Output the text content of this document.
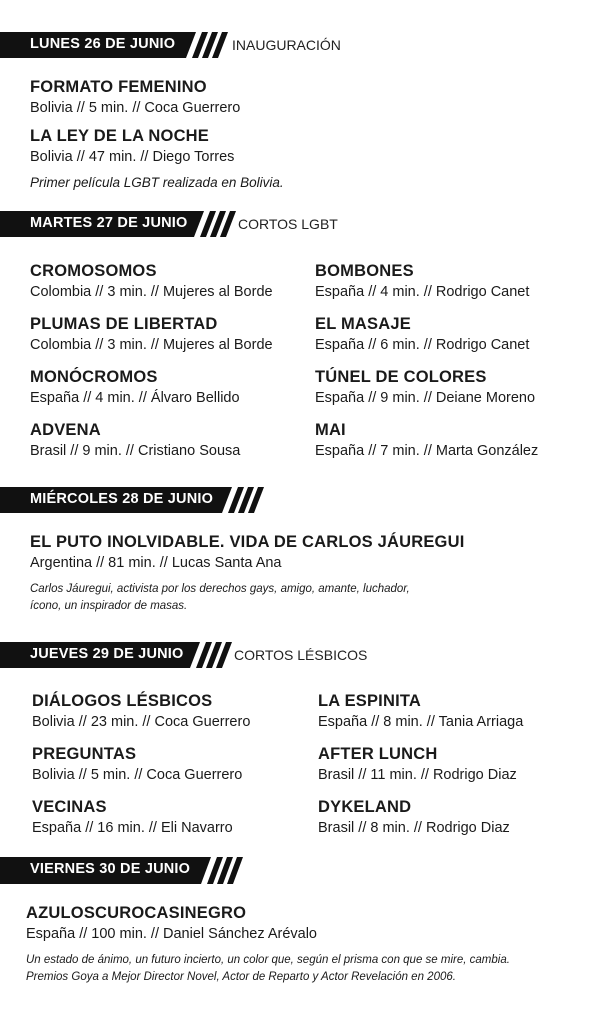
LUNES 26 DE JUNIO	INAUGURACIÓN
FORMATO FEMENINO
Bolivia // 5 min. // Coca Guerrero
LA LEY DE LA NOCHE
Bolivia // 47 min. // Diego Torres
Primer película LGBT realizada en Bolivia.
MARTES 27 DE JUNIO	CORTOS LGBT
CROMOSOMOS
Colombia // 3 min. // Mujeres al Borde
BOMBONES
España // 4 min. // Rodrigo Canet
PLUMAS DE LIBERTAD
Colombia // 3 min. // Mujeres al Borde
EL MASAJE
España // 6 min. // Rodrigo Canet
MONÓCROMOS
España // 4 min. // Álvaro Bellido
TÚNEL DE COLORES
España // 9 min. // Deiane Moreno
ADVENA
Brasil // 9 min. // Cristiano Sousa
MAI
España // 7 min. // Marta González
MIÉRCOLES 28 DE JUNIO
EL PUTO INOLVIDABLE. VIDA DE CARLOS JÁUREGUI
Argentina // 81 min. // Lucas Santa Ana
Carlos Jáuregui, activista por los derechos gays, amigo, amante, luchador,
ícono, un inspirador de masas.
JUEVES 29 DE JUNIO	CORTOS LÉSBICOS
DIÁLOGOS LÉSBICOS
Bolivia // 23 min. // Coca Guerrero
LA ESPINITA
España // 8 min. // Tania Arriaga
PREGUNTAS
Bolivia // 5 min. // Coca Guerrero
AFTER LUNCH
Brasil // 11 min. // Rodrigo Diaz
VECINAS
España // 16 min. // Eli Navarro
DYKELAND
Brasil // 8 min. // Rodrigo Diaz
VIERNES 30 DE JUNIO
AZULOSCUROCASINEGRO
España // 100 min. // Daniel Sánchez Arévalo
Un estado de ánimo, un futuro incierto, un color que, según el prisma con que se mire, cambia.
Premios Goya a Mejor Director Novel, Actor de Reparto y Actor Revelación en 2006.
